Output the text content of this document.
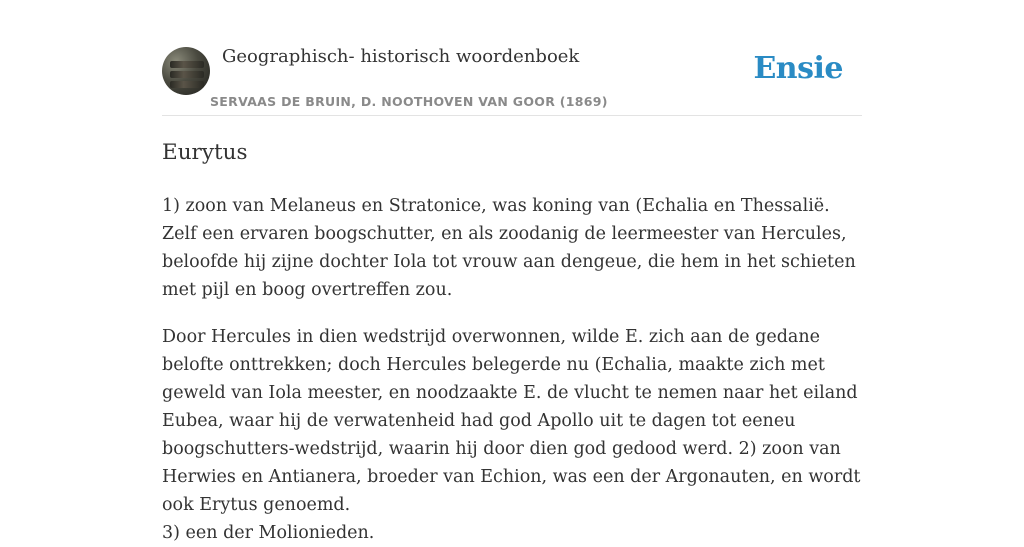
Geographisch- historisch woordenboek
SERVAAS DE BRUIN, D. NOOTHOVEN VAN GOOR (1869)
Ensie
Eurytus

1) zoon van Melaneus en Stratonice, was koning van (Echalia en Thessalië. Zelf een ervaren boogschutter, en als zoodanig de leermeester van Hercules, beloofde hij zijne dochter Iola tot vrouw aan dengeue, die hem in het schieten met pijl en boog overtreffen zou.

Door Hercules in dien wedstrijd overwonnen, wilde E. zich aan de gedane belofte onttrekken; doch Hercules belegerde nu (Echalia, maakte zich met geweld van Iola meester, en noodzaakte E. de vlucht te nemen naar het eiland Eubea, waar hij de verwatenheid had god Apollo uit te dagen tot eeneu boogschutters-wedstrijd, waarin hij door dien god gedood werd. 2) zoon van Herwies en Antianera, broeder van Echion, was een der Argonauten, en wordt ook Erytus genoemd.

3) een der Molionieden.
